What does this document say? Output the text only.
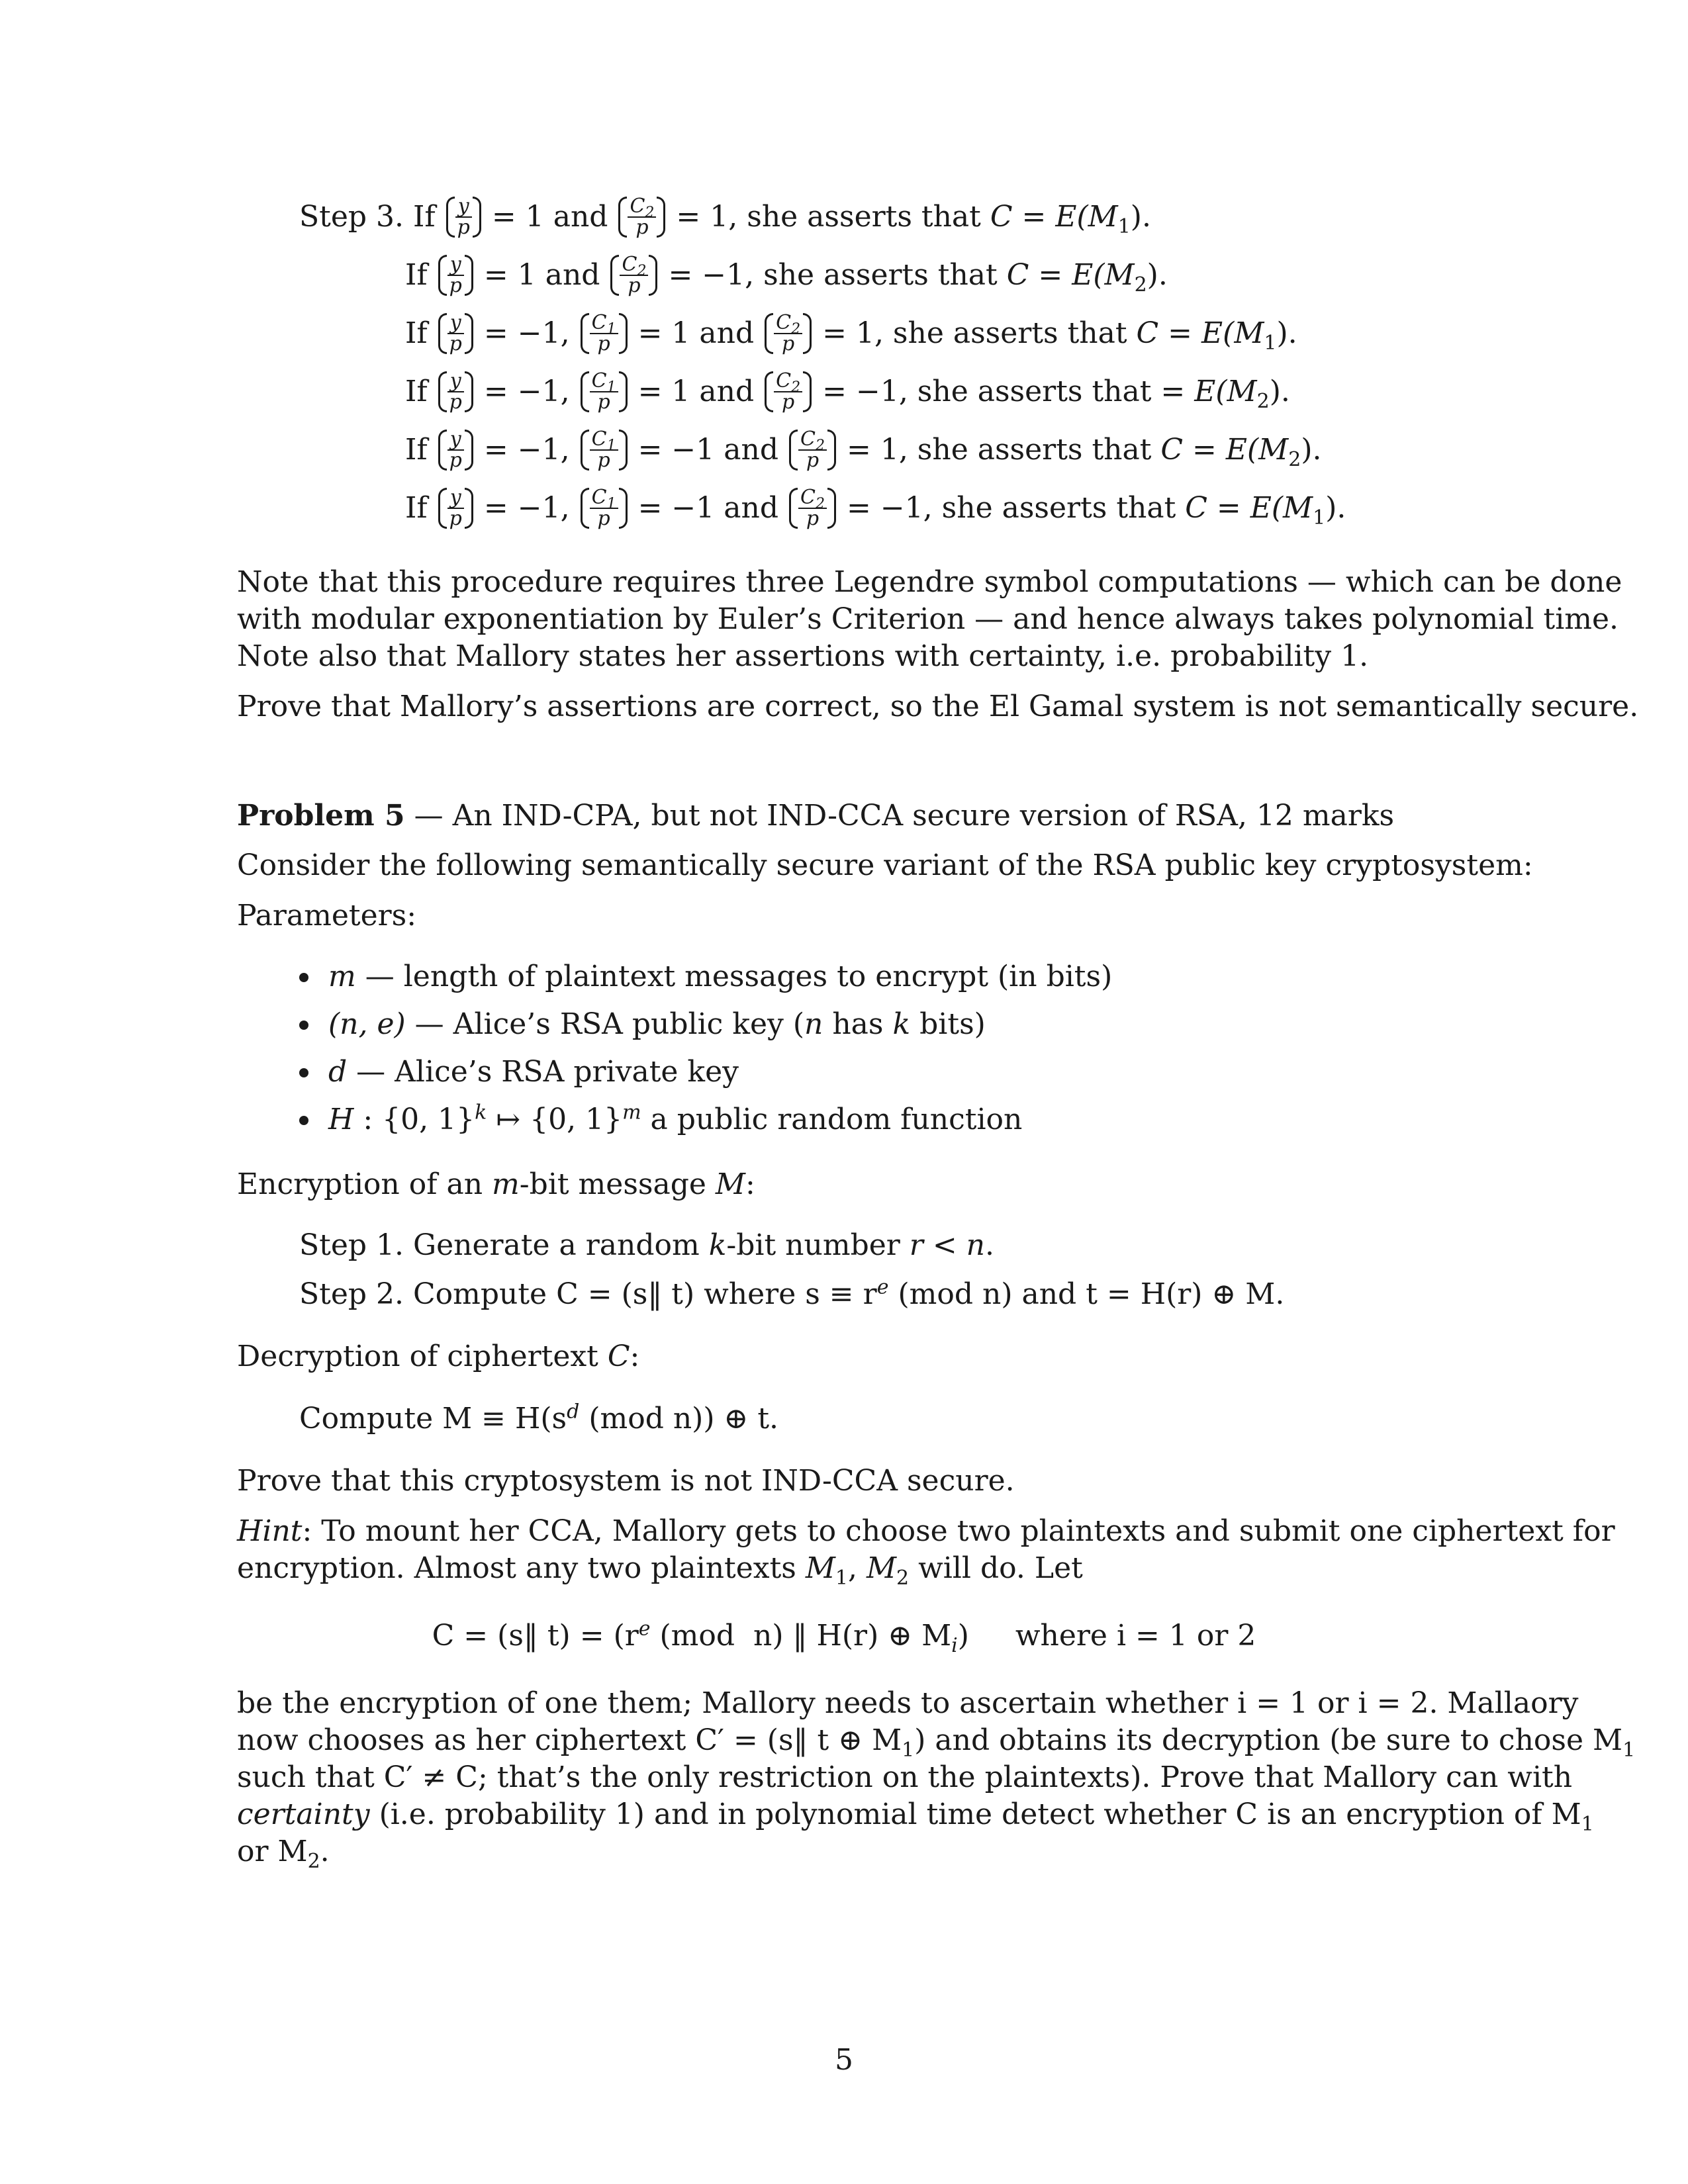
Step 3. If $\frac{y}{p} = 1$ and $\frac{C_2}{p} = 1$, she asserts that $C = E(M_1)$.
If $\frac{y}{p} = 1$ and $\frac{C_2}{p} = -1$, she asserts that $C = E(M_2)$.
If $\frac{y}{p} = -1$, $\frac{C_1}{p} = 1$ and $\frac{C_2}{p} = 1$, she asserts that $C = E(M_1)$.
If $\frac{y}{p} = -1$, $\frac{C_1}{p} = 1$ and $\frac{C_2}{p} = -1$, she asserts that = $E(M_2)$.
If $\frac{y}{p} = -1$, $\frac{C_1}{p} = -1$ and $\frac{C_2}{p} = 1$, she asserts that $C = E(M_2)$.
If $\frac{y}{p} = -1$, $\frac{C_1}{p} = -1$ and $\frac{C_2}{p} = -1$, she asserts that $C = E(M_1)$.
Note that this procedure requires three Legendre symbol computations — which can be done
with modular exponentiation by Euler’s Criterion — and hence always takes polynomial time.
Note also that Mallory states her assertions with certainty, i.e. probability 1.
Prove that Mallory’s assertions are correct, so the El Gamal system is not semantically secure.
Problem 5 — An IND-CPA, but not IND-CCA secure version of RSA, 12 marks
Consider the following semantically secure variant of the RSA public key cryptosystem:
Parameters:
m — length of plaintext messages to encrypt (in bits)
(n, e) — Alice’s RSA public key (n has k bits)
d — Alice’s RSA private key
H : {0, 1}$^k$ ↦ {0, 1}$^m$ a public random function
Encryption of an m-bit message M:
Step 1. Generate a random k-bit number r < n.
Step 2. Compute C = (s‖ t) where $s \equiv r^e$ (mod n) and t = H(r) ⊕ M.
Decryption of ciphertext C:
Compute $M \equiv H(s^d$ (mod n)) ⊕ t.
Prove that this cryptosystem is not IND-CCA secure.
Hint: To mount her CCA, Mallory gets to choose two plaintexts and submit one ciphertext for
encryption. Almost any two plaintexts $M_1$, $M_2$ will do. Let
C = (s‖ $t) = (r^e$ (mod  n) ‖ H(r) ⊕ $M_i$)     where i = 1 or 2
be the encryption of one them; Mallory needs to ascertain whether i = 1 or i = 2. Mallaory
now chooses as her ciphertext C′ = (s‖ t ⊕ $M_1$) and obtains its decryption (be sure to chose $M_1$
such that C′ ≠ C; that’s the only restriction on the plaintexts). Prove that Mallory can with
certainty (i.e. probability 1) and in polynomial time detect whether C is an encryption of $M_1$
or $M_2$.
5
